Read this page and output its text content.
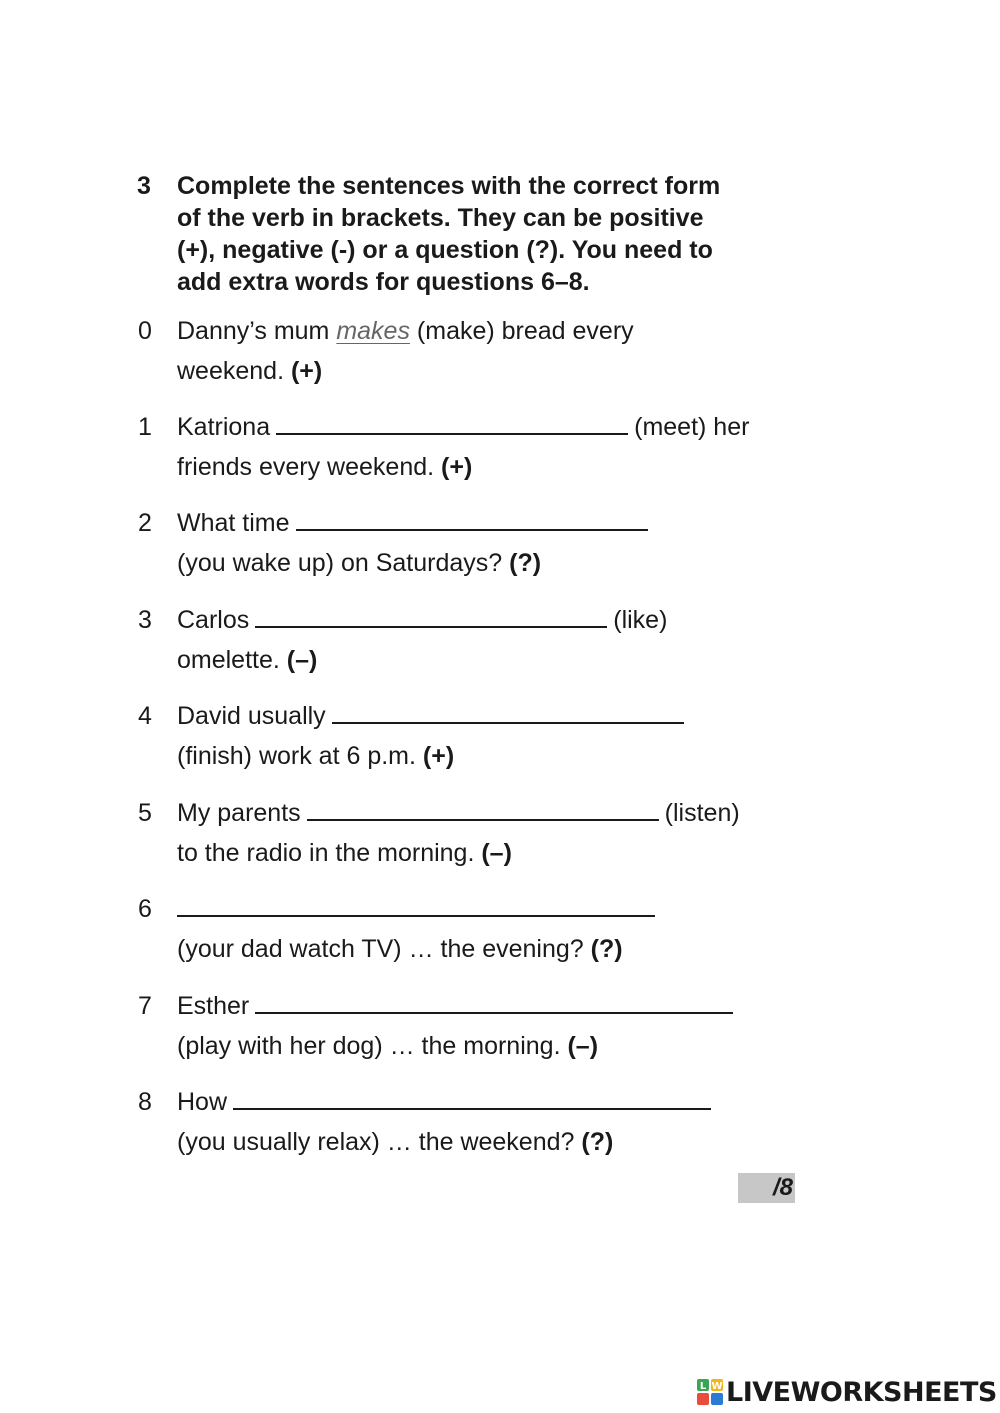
3 Complete the sentences with the correct form
of the verb in brackets. They can be positive
(+), negative (-) or a question (?). You need to
add extra words for questions 6–8.
0	Danny’s mum makes (make) bread every
weekend. (+)
1	Katriona	(meet) her
friends every weekend. (+)
2	What time
(you wake up) on Saturdays? (?)
3	Carlos	(like)
omelette. (–)
4	David usually
(finish) work at 6 p.m. (+)
5	My parents	(listen)
to the radio in the morning. (–)
6
(your dad watch TV) … the evening? (?)
7	Esther
(play with her dog) … the morning. (–)
8	How
(you usually relax) … the weekend? (?)
/8
L W LIVEWORKSHEETS
